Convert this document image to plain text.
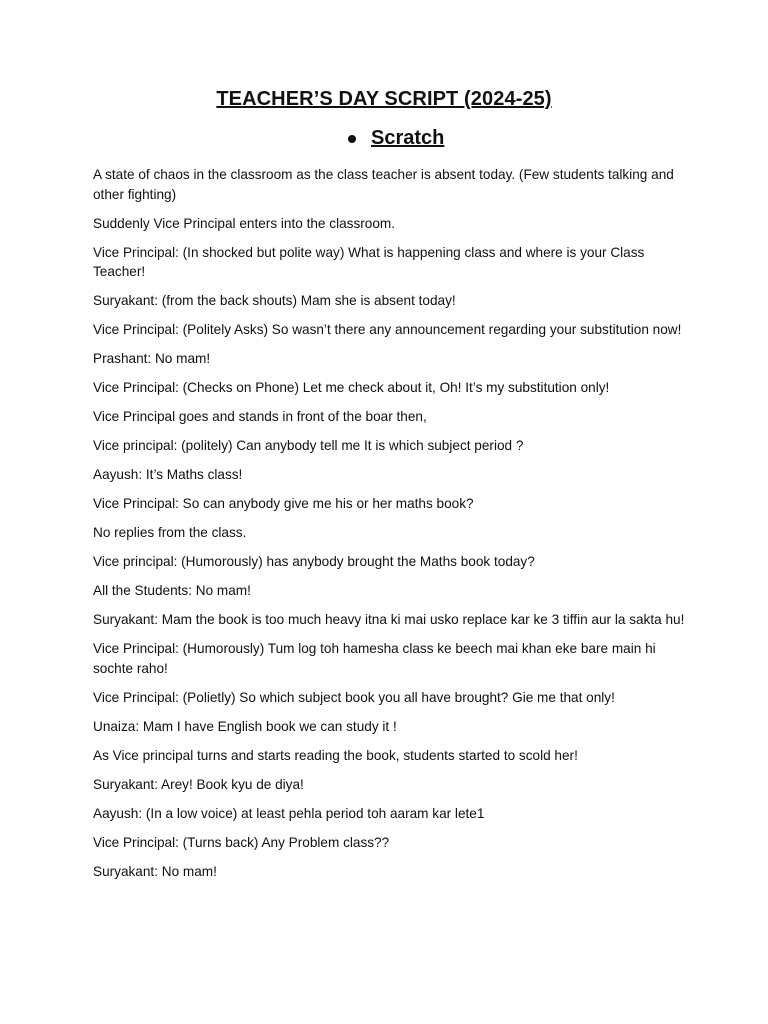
TEACHER’S DAY SCRIPT (2024-25)
Scratch

A state of chaos in the classroom as the class teacher is absent today. (Few students talking and other fighting)

Suddenly Vice Principal enters into the classroom.

Vice Principal: (In shocked but polite way) What is happening class and where is your Class Teacher!

Suryakant: (from the back shouts) Mam she is absent today!

Vice Principal: (Politely Asks) So wasn’t there any announcement regarding your substitution now!

Prashant: No mam!

Vice Principal: (Checks on Phone) Let me check about it, Oh! It’s my substitution only!

Vice Principal goes and stands in front of the boar then,

Vice principal: (politely) Can anybody tell me It is which subject period ?

Aayush: It’s Maths class!

Vice Principal: So can anybody give me his or her maths book?

No replies from the class.

Vice principal: (Humorously) has anybody brought the Maths book today?

All the Students: No mam!

Suryakant: Mam the book is too much heavy itna ki mai usko replace kar ke 3 tiffin aur la sakta hu!

Vice Principal: (Humorously) Tum log toh hamesha class ke beech mai khan eke bare main hi sochte raho!

Vice Principal: (Polietly) So which subject book you all have brought? Gie me that only!

Unaiza: Mam I have English book we can study it !

As Vice principal turns and starts reading the book, students started to scold her!

Suryakant: Arey! Book kyu de diya!

Aayush: (In a low voice) at least pehla period toh aaram kar lete1

Vice Principal: (Turns back) Any Problem class??

Suryakant: No mam!
